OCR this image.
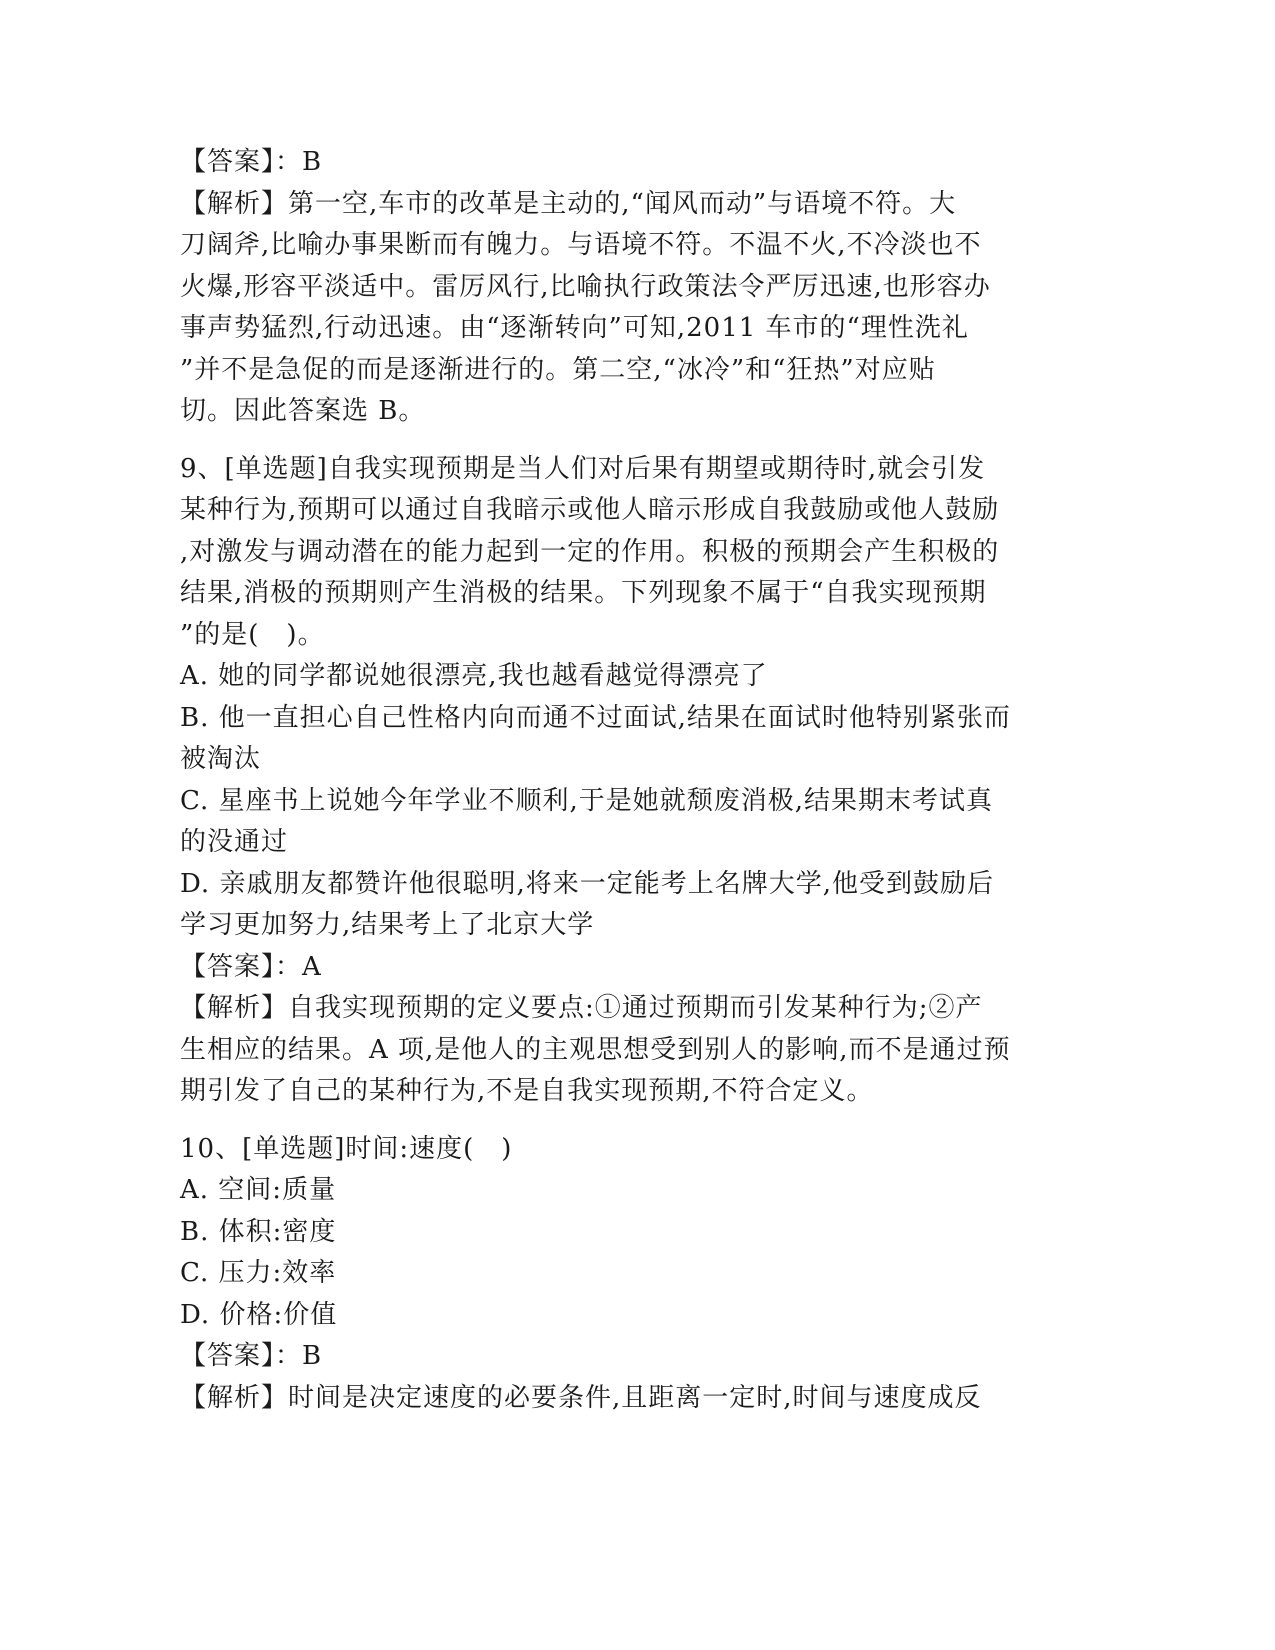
【答案】：B
【解析】第一空,车市的改革是主动的,“闻风而动”与语境不符。大
刀阔斧,比喻办事果断而有魄力。与语境不符。不温不火,不冷淡也不
火爆,形容平淡适中。雷厉风行,比喻执行政策法令严厉迅速,也形容办
事声势猛烈,行动迅速。由“逐渐转向”可知,2011 车市的“理性洗礼
”并不是急促的而是逐渐进行的。第二空,“冰冷”和“狂热”对应贴
切。因此答案选 B。
9、[单选题]自我实现预期是当人们对后果有期望或期待时,就会引发
某种行为,预期可以通过自我暗示或他人暗示形成自我鼓励或他人鼓励
,对激发与调动潜在的能力起到一定的作用。积极的预期会产生积极的
结果,消极的预期则产生消极的结果。下列现象不属于“自我实现预期
”的是(　)。
A. 她的同学都说她很漂亮,我也越看越觉得漂亮了
B. 他一直担心自己性格内向而通不过面试,结果在面试时他特别紧张而
被淘汰
C. 星座书上说她今年学业不顺利,于是她就颓废消极,结果期末考试真
的没通过
D. 亲戚朋友都赞许他很聪明,将来一定能考上名牌大学,他受到鼓励后
学习更加努力,结果考上了北京大学
【答案】：A
【解析】自我实现预期的定义要点:①通过预期而引发某种行为;②产
生相应的结果。A 项,是他人的主观思想受到别人的影响,而不是通过预
期引发了自己的某种行为,不是自我实现预期,不符合定义。
10、[单选题]时间:速度(　)
A. 空间:质量
B. 体积:密度
C. 压力:效率
D. 价格:价值
【答案】：B
【解析】时间是决定速度的必要条件,且距离一定时,时间与速度成反
